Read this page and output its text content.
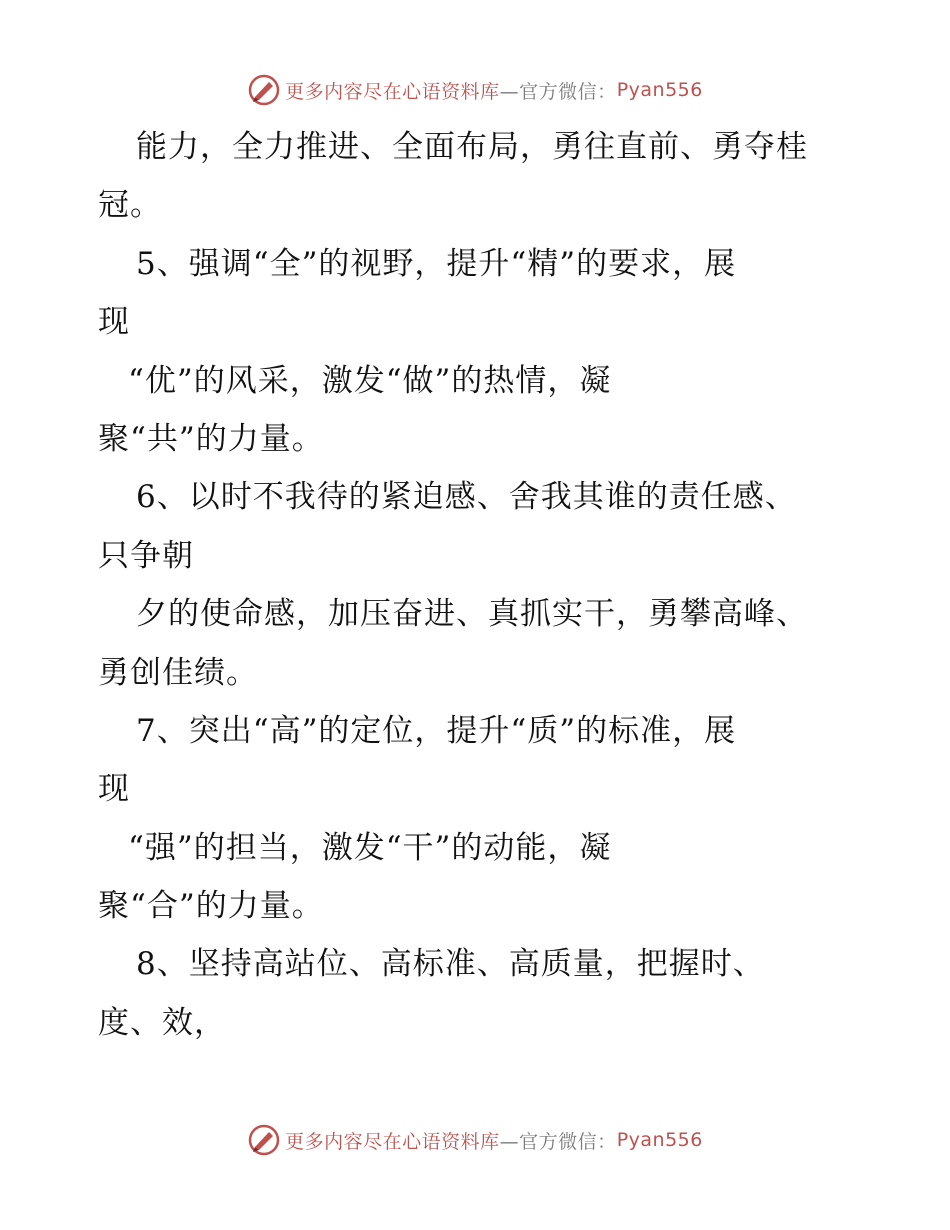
更多内容尽在心语资料库 —官方微信： Pyan556
能力，全力推进、全面布局，勇往直前、勇夺桂
冠。
5、强调“全”的视野，提升“精”的要求，展
现
“优”的风采，激发“做”的热情，凝
聚“共”的力量。
6、以时不我待的紧迫感、舍我其谁的责任感、
只争朝
夕的使命感，加压奋进、真抓实干，勇攀高峰、
勇创佳绩。
7、突出“高”的定位，提升“质”的标准，展
现
“强”的担当，激发“干”的动能，凝
聚“合”的力量。
8、坚持高站位、高标准、高质量，把握时、
度、效，
更多内容尽在心语资料库 —官方微信： Pyan556
